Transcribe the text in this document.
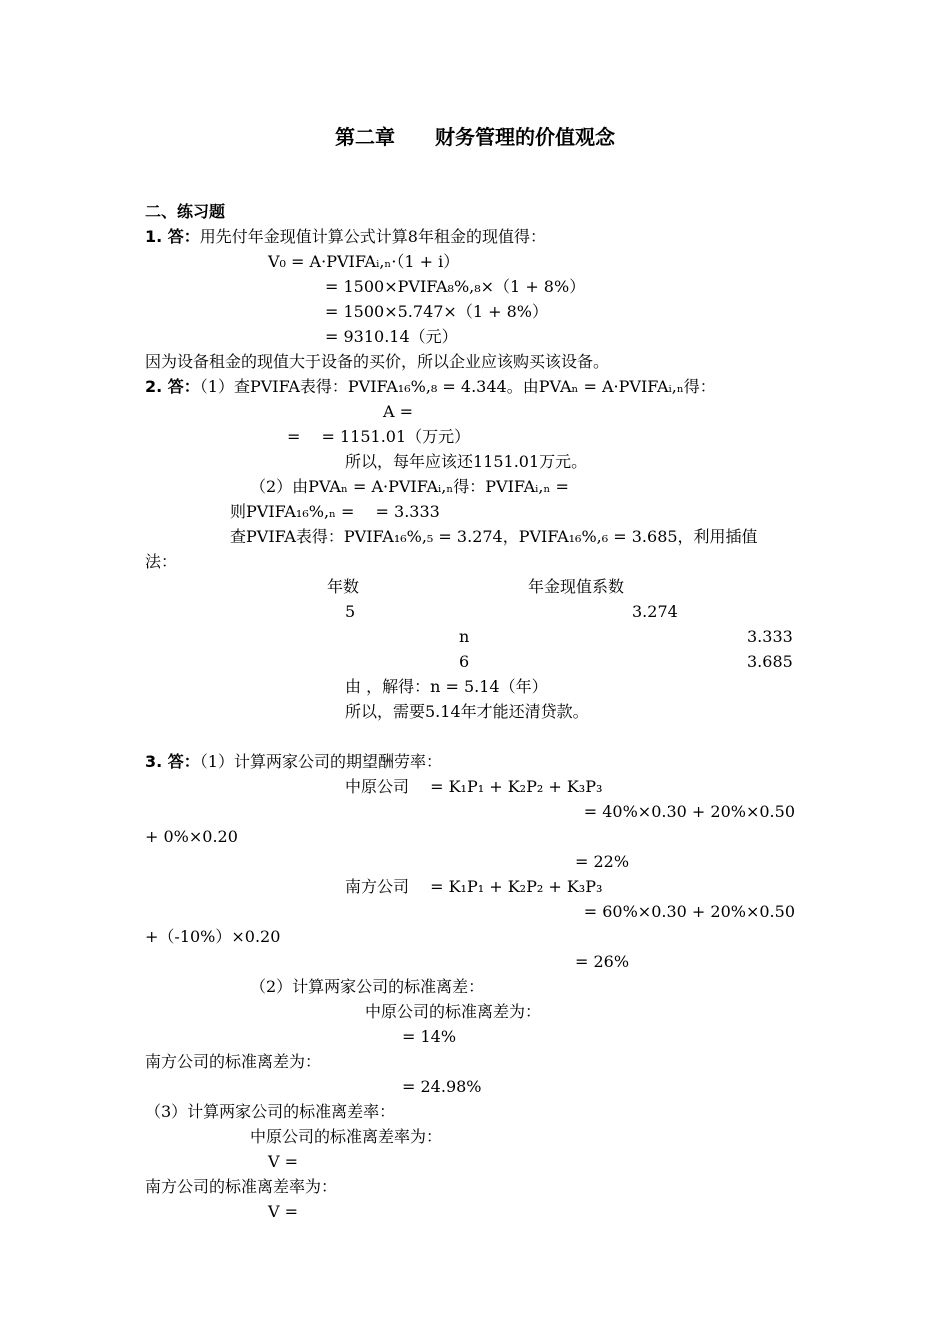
第二章　　财务管理的价值观念
二、练习题
1. 答：用先付年金现值计算公式计算8年租金的现值得：
V₀ = A·PVIFAᵢ,ₙ·（1 + i）
= 1500×PVIFA₈%,₈×（1 + 8%）
= 1500×5.747×（1 + 8%）
= 9310.14（元）
因为设备租金的现值大于设备的买价，所以企业应该购买该设备。
2. 答：（1）查PVIFA表得：PVIFA₁₆%,₈ = 4.344。由PVAₙ = A·PVIFAᵢ,ₙ得：
A =
=　 = 1151.01（万元）
所以，每年应该还1151.01万元。
（2）由PVAₙ = A·PVIFAᵢ,ₙ得：PVIFAᵢ,ₙ =
则PVIFA₁₆%,ₙ =　 = 3.333
查PVIFA表得：PVIFA₁₆%,₅ = 3.274，PVIFA₁₆%,₆ = 3.685，利用插值
法：
年数	年金现值系数
5	3.274
n	3.333
6	3.685
由 ，解得：n = 5.14（年）
所以，需要5.14年才能还清贷款。
3. 答：（1）计算两家公司的期望酬劳率：
中原公司　 = K₁P₁ + K₂P₂ + K₃P₃
= 40%×0.30 + 20%×0.50
+ 0%×0.20
= 22%
南方公司　 = K₁P₁ + K₂P₂ + K₃P₃
= 60%×0.30 + 20%×0.50
+（-10%）×0.20
= 26%
（2）计算两家公司的标准离差：
中原公司的标准离差为：
= 14%
南方公司的标准离差为：
= 24.98%
（3）计算两家公司的标准离差率：
中原公司的标准离差率为：
V =
南方公司的标准离差率为：
V =
